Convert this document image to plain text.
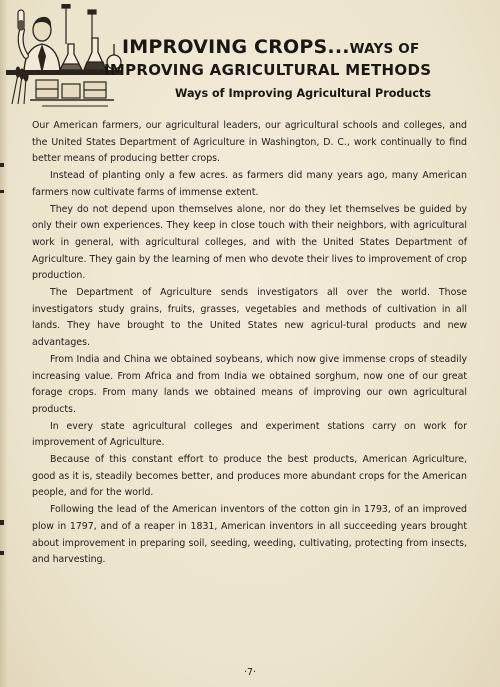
IMPROVING CROPS...WAYS OF
IMPROVING AGRICULTURAL METHODS
Ways of Improving Agricultural Products

Our American farmers, our agricultural leaders, our agricultural schools and colleges, and the United States Department of Agriculture in Washington, D. C., work continually to find better means of producing better crops.

Instead of planting only a few acres. as farmers did many years ago, many American farmers now cultivate farms of immense extent.

They do not depend upon themselves alone, nor do they let themselves be guided by only their own experiences. They keep in close touch with their neighbors, with agricultural work in general, with agricultural colleges, and with the United States Department of Agriculture. They gain by the learning of men who devote their lives to improvement of crop production.

The Department of Agriculture sends investigators all over the world. Those investigators study grains, fruits, grasses, vegetables and methods of cultivation in all lands. They have brought to the United States new agricul-tural products and new advantages.

From India and China we obtained soybeans, which now give immense crops of steadily increasing value. From Africa and from India we obtained sorghum, now one of our great forage crops. From many lands we obtained means of improving our own agricultural products.

In every state agricultural colleges and experiment stations carry on work for improvement of Agriculture.

Because of this constant effort to produce the best products, American Agriculture, good as it is, steadily becomes better, and produces more abundant crops for the American people, and for the world.

Following the lead of the American inventors of the cotton gin in 1793, of an improved plow in 1797, and of a reaper in 1831, American inventors in all succeeding years brought about improvement in preparing soil, seeding, weeding, cultivating, protecting from insects, and harvesting.

·7·
